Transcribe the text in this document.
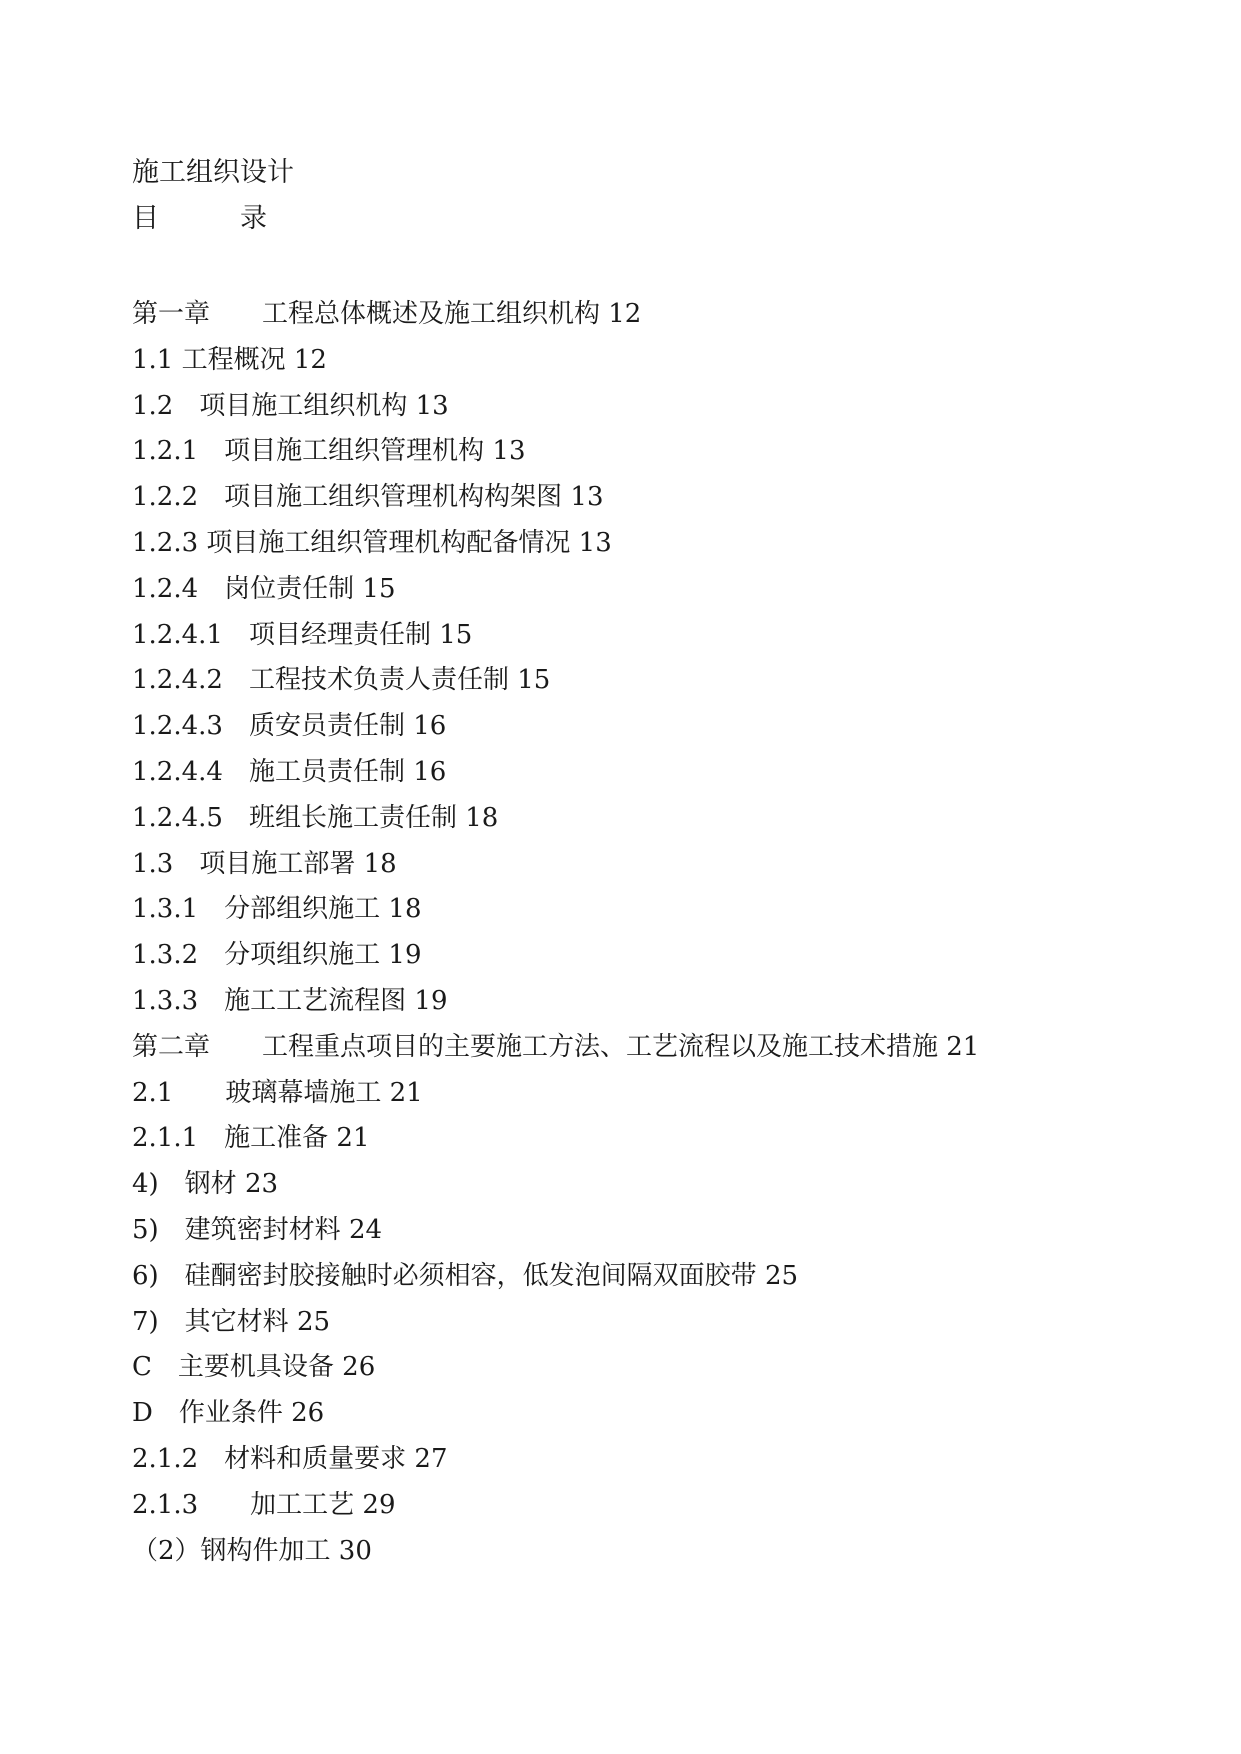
施工组织设计
目　　　录
第一章　　工程总体概述及施工组织机构 12
1.1 工程概况 12
1.2　项目施工组织机构 13
1.2.1　项目施工组织管理机构 13
1.2.2　项目施工组织管理机构构架图 13
1.2.3 项目施工组织管理机构配备情况 13
1.2.4　岗位责任制 15
1.2.4.1　项目经理责任制 15
1.2.4.2　工程技术负责人责任制 15
1.2.4.3　质安员责任制 16
1.2.4.4　施工员责任制 16
1.2.4.5　班组长施工责任制 18
1.3　项目施工部署 18
1.3.1　分部组织施工 18
1.3.2　分项组织施工 19
1.3.3　施工工艺流程图 19
第二章　　工程重点项目的主要施工方法、工艺流程以及施工技术措施 21
2.1　　玻璃幕墙施工 21
2.1.1　施工准备 21
4)　钢材 23
5)　建筑密封材料 24
6)　硅酮密封胶接触时必须相容，低发泡间隔双面胶带 25
7)　其它材料 25
C　主要机具设备 26
D　作业条件 26
2.1.2　材料和质量要求 27
2.1.3　　加工工艺 29
（2）钢构件加工 30
